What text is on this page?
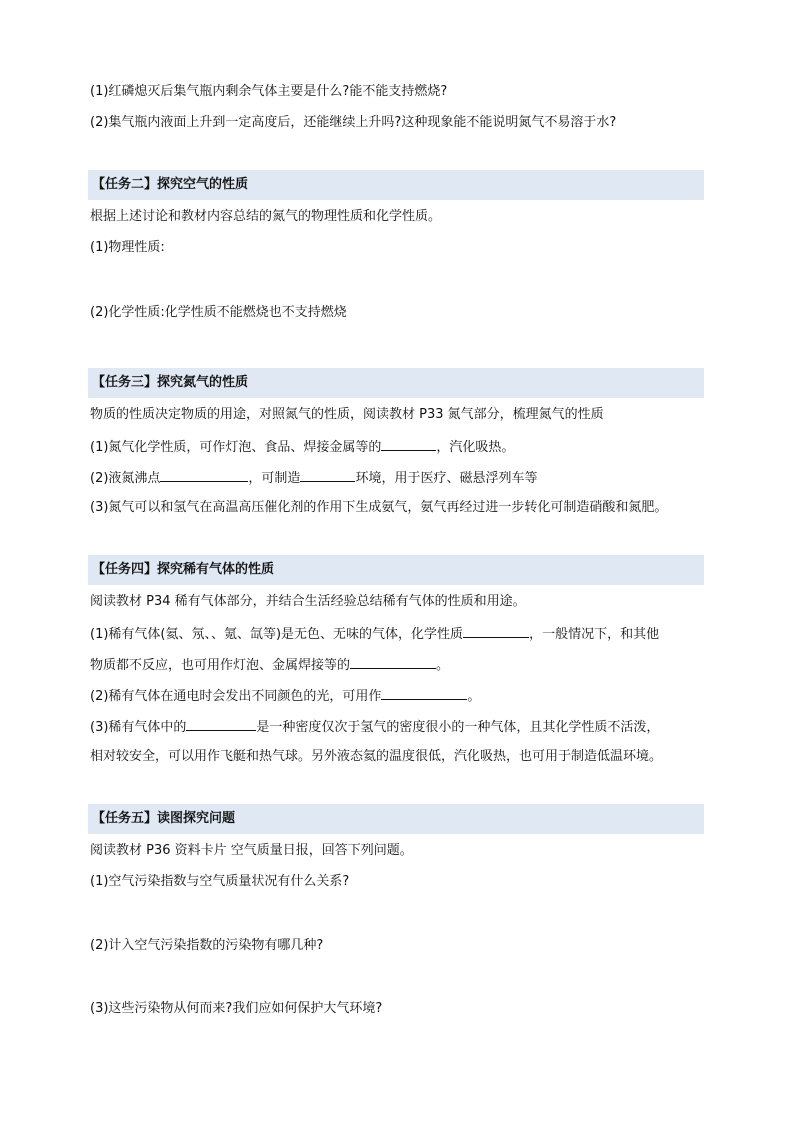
(1)红磷熄灭后集气瓶内剩余气体主要是什么?能不能支持燃烧?
(2)集气瓶内液面上升到一定高度后，还能继续上升吗?这种现象能不能说明氮气不易溶于水?
【任务二】探究空气的性质
根据上述讨论和教材内容总结的氮气的物理性质和化学性质。
(1)物理性质:
(2)化学性质:化学性质不能燃烧也不支持燃烧
【任务三】探究氮气的性质
物质的性质决定物质的用途，对照氮气的性质，阅读教材 P33 氮气部分，梳理氮气的性质
(1)氮气化学性质，可作灯泡、食品、焊接金属等的	，汽化吸热。
(2)液氮沸点	，可制造	环境，用于医疗、磁悬浮列车等
(3)氮气可以和氢气在高温高压催化剂的作用下生成氨气，氨气再经过进一步转化可制造硝酸和氮肥。
【任务四】探究稀有气体的性质
阅读教材 P34 稀有气体部分，并结合生活经验总结稀有气体的性质和用途。
(1)稀有气体(氦、氖、、氪、氙等)是无色、无味的气体，化学性质	，一般情况下，和其他
物质都不反应，也可用作灯泡、金属焊接等的	。
(2)稀有气体在通电时会发出不同颜色的光，可用作	。
(3)稀有气体中的	是一种密度仅次于氢气的密度很小的一种气体，且其化学性质不活泼，
相对较安全，可以用作飞艇和热气球。另外液态氦的温度很低，汽化吸热，也可用于制造低温环境。
【任务五】读图探究问题
阅读教材 P36 资料卡片 空气质量日报，回答下列问题。
(1)空气污染指数与空气质量状况有什么关系?
(2)计入空气污染指数的污染物有哪几种?
(3)这些污染物从何而来?我们应如何保护大气环境?
